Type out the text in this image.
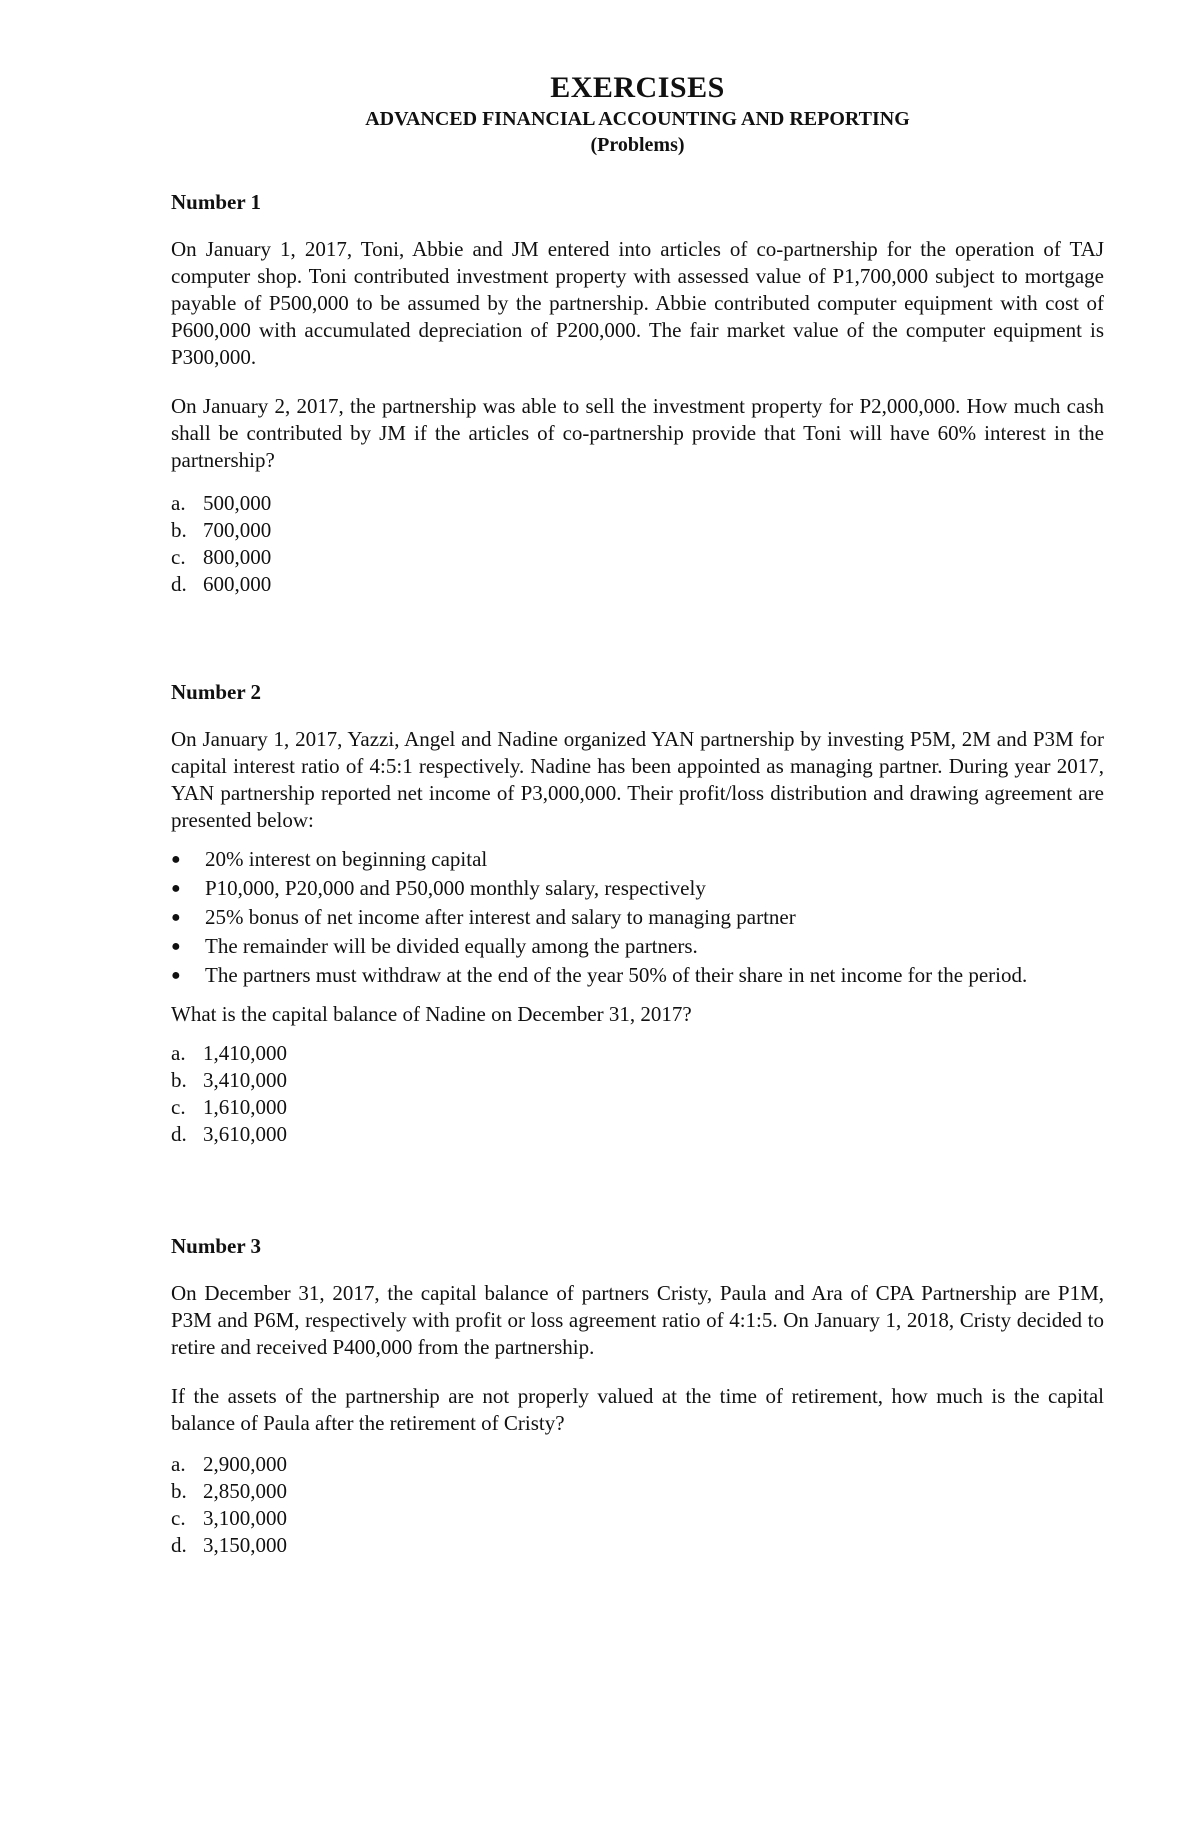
EXERCISES
ADVANCED FINANCIAL ACCOUNTING AND REPORTING
(Problems)

Number 1

On January 1, 2017, Toni, Abbie and JM entered into articles of co-partnership for the operation of TAJ computer shop. Toni contributed investment property with assessed value of P1,700,000 subject to mortgage payable of P500,000 to be assumed by the partnership. Abbie contributed computer equipment with cost of P600,000 with accumulated depreciation of P200,000. The fair market value of the computer equipment is P300,000.

On January 2, 2017, the partnership was able to sell the investment property for P2,000,000. How much cash shall be contributed by JM if the articles of co-partnership provide that Toni will have 60% interest in the partnership?

a. 500,000
b. 700,000
c. 800,000
d. 600,000

Number 2

On January 1, 2017, Yazzi, Angel and Nadine organized YAN partnership by investing P5M, 2M and P3M for capital interest ratio of 4:5:1 respectively. Nadine has been appointed as managing partner. During year 2017, YAN partnership reported net income of P3,000,000. Their profit/loss distribution and drawing agreement are presented below:

●	20% interest on beginning capital
●	P10,000, P20,000 and P50,000 monthly salary, respectively
●	25% bonus of net income after interest and salary to managing partner
●	The remainder will be divided equally among the partners.
●	The partners must withdraw at the end of the year 50% of their share in net income for the period.

What is the capital balance of Nadine on December 31, 2017?

a. 1,410,000
b. 3,410,000
c. 1,610,000
d. 3,610,000

Number 3

On December 31, 2017, the capital balance of partners Cristy, Paula and Ara of CPA Partnership are P1M, P3M and P6M, respectively with profit or loss agreement ratio of 4:1:5. On January 1, 2018, Cristy decided to retire and received P400,000 from the partnership.

If the assets of the partnership are not properly valued at the time of retirement, how much is the capital balance of Paula after the retirement of Cristy?

a. 2,900,000
b. 2,850,000
c. 3,100,000
d. 3,150,000
